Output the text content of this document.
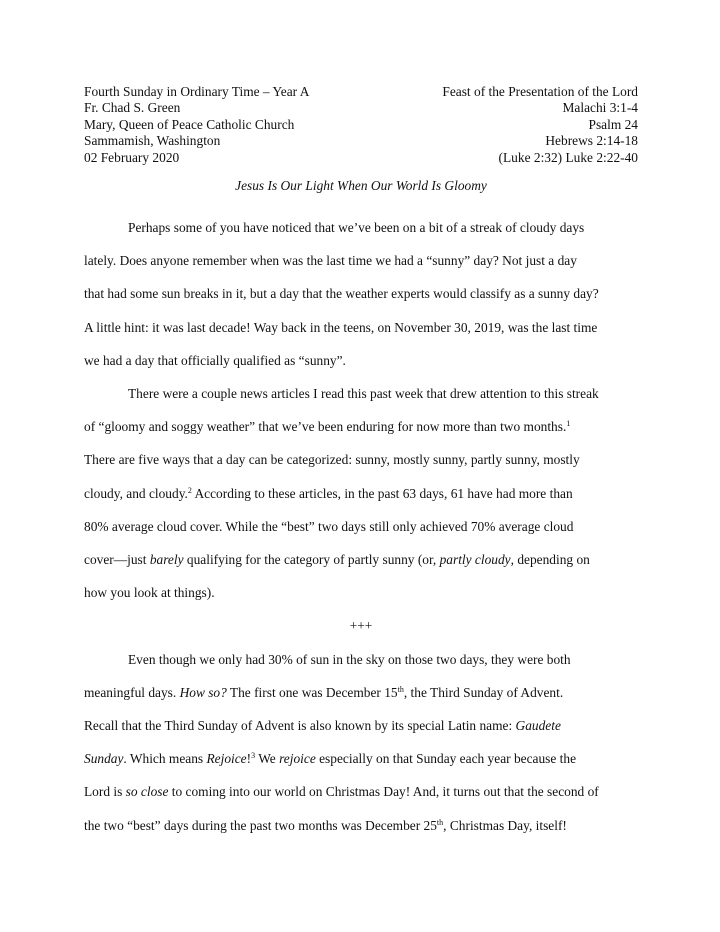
Fourth Sunday in Ordinary Time – Year A
Fr. Chad S. Green
Mary, Queen of Peace Catholic Church
Sammamish, Washington
02 February 2020
Feast of the Presentation of the Lord
Malachi 3:1-4
Psalm 24
Hebrews 2:14-18
(Luke 2:32) Luke 2:22-40
Jesus Is Our Light When Our World Is Gloomy

Perhaps some of you have noticed that we’ve been on a bit of a streak of cloudy days
lately. Does anyone remember when was the last time we had a “sunny” day? Not just a day
that had some sun breaks in it, but a day that the weather experts would classify as a sunny day?
A little hint: it was last decade! Way back in the teens, on November 30, 2019, was the last time
we had a day that officially qualified as “sunny”.

There were a couple news articles I read this past week that drew attention to this streak
of “gloomy and soggy weather” that we’ve been enduring for now more than two months.$^1$
There are five ways that a day can be categorized: sunny, mostly sunny, partly sunny, mostly
cloudy, and cloudy.$^2$ According to these articles, in the past 63 days, 61 have had more than
80% average cloud cover. While the “best” two days still only achieved 70% average cloud
cover—just barely qualifying for the category of partly sunny (or, partly cloudy, depending on
how you look at things).

+++

Even though we only had 30% of sun in the sky on those two days, they were both
meaningful days. How so? The first one was December 15th, the Third Sunday of Advent.
Recall that the Third Sunday of Advent is also known by its special Latin name: Gaudete
Sunday. Which means Rejoice!$^3$ We rejoice especially on that Sunday each year because the
Lord is so close to coming into our world on Christmas Day! And, it turns out that the second of
the two “best” days during the past two months was December 25th, Christmas Day, itself!
